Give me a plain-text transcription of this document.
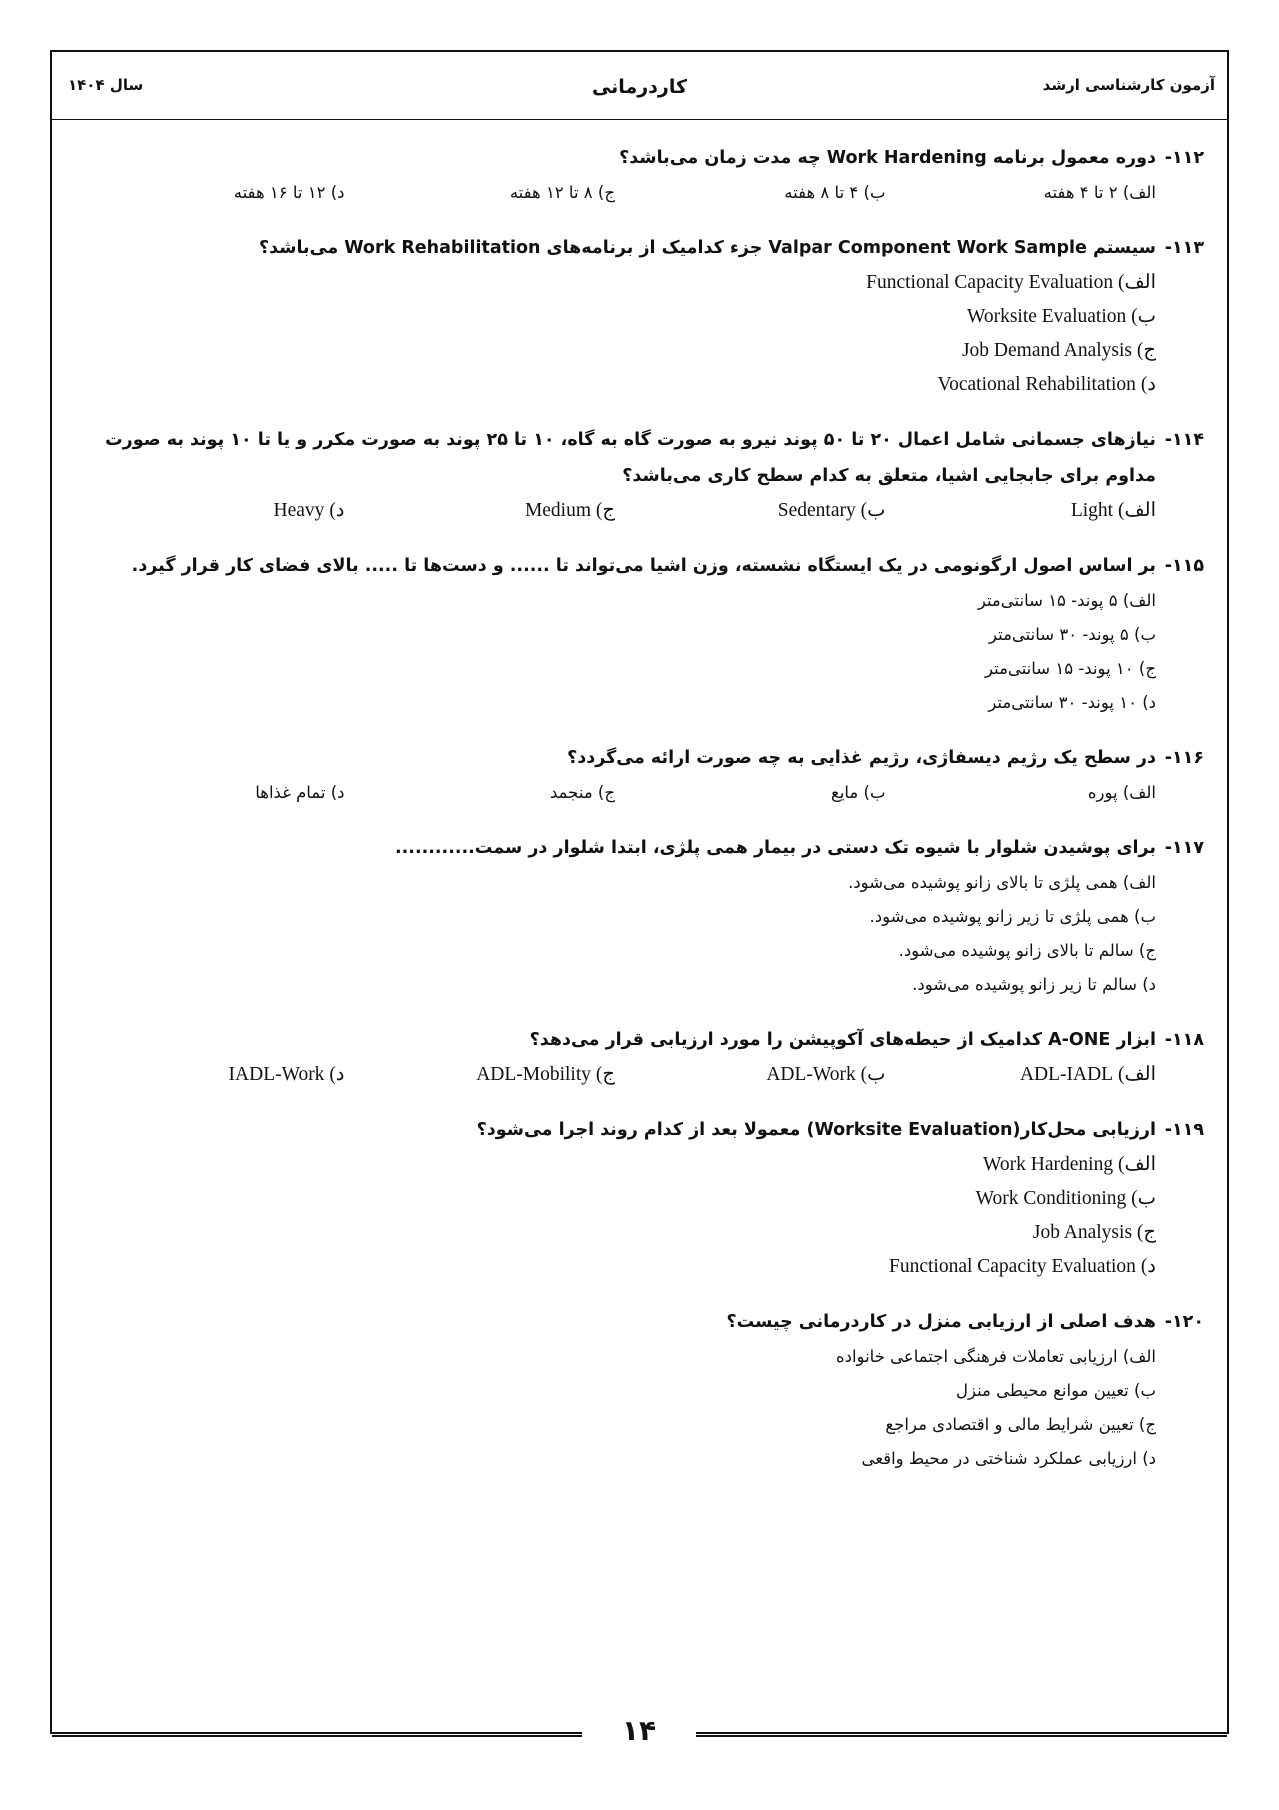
آزمون کارشناسی ارشد
کاردرمانی
سال ۱۴۰۴
۱۱۲-
دوره معمول برنامه Work Hardening چه مدت زمان می‌باشد؟
الف) ۲ تا ۴ هفته
ب) ۴ تا ۸ هفته
ج) ۸ تا ۱۲ هفته
د) ۱۲ تا ۱۶ هفته
۱۱۳-
سیستم Valpar Component Work Sample جزء کدامیک از برنامه‌های Work Rehabilitation می‌باشد؟
الف) Functional Capacity Evaluation
ب) Worksite Evaluation
ج) Job Demand Analysis
د) Vocational Rehabilitation
۱۱۴-
نیازهای جسمانی شامل اعمال ۲۰ تا ۵۰ پوند نیرو به صورت گاه به گاه، ۱۰ تا ۲۵ پوند به صورت مکرر و یا تا ۱۰ پوند به صورت مداوم برای جابجایی اشیا، متعلق به کدام سطح کاری می‌باشد؟
الف) Light
ب) Sedentary
ج) Medium
د) Heavy
۱۱۵-
بر اساس اصول ارگونومی در یک ایستگاه نشسته، وزن اشیا می‌تواند تا ...... و دست‌ها تا ..... بالای فضای کار قرار گیرد.
الف) ۵ پوند- ۱۵ سانتی‌متر
ب) ۵ پوند- ۳۰ سانتی‌متر
ج) ۱۰ پوند- ۱۵ سانتی‌متر
د) ۱۰ پوند- ۳۰ سانتی‌متر
۱۱۶-
در سطح یک رژیم دیسفاژی، رژیم غذایی به چه صورت ارائه می‌گردد؟
الف) پوره
ب) مایع
ج) منجمد
د) تمام غذاها
۱۱۷-
برای پوشیدن شلوار با شیوه تک دستی در بیمار همی پلژی، ابتدا شلوار در سمت............
الف) همی پلژی تا بالای زانو پوشیده می‌شود.
ب) همی پلژی تا زیر زانو پوشیده می‌شود.
ج) سالم تا بالای زانو پوشیده می‌شود.
د) سالم تا زیر زانو پوشیده می‌شود.
۱۱۸-
ابزار A-ONE کدامیک از حیطه‌های آکوپیشن را مورد ارزیابی قرار می‌دهد؟
الف) ADL-IADL
ب) ADL-Work
ج) ADL-Mobility
د) IADL-Work
۱۱۹-
ارزیابی محل‌کار(Worksite Evaluation) معمولا بعد از کدام روند اجرا می‌شود؟
الف) Work Hardening
ب) Work Conditioning
ج) Job Analysis
د) Functional Capacity Evaluation
۱۲۰-
هدف اصلی از ارزیابی منزل در کاردرمانی چیست؟
الف) ارزیابی تعاملات فرهنگی اجتماعی خانواده
ب) تعیین موانع محیطی منزل
ج) تعیین شرایط مالی و اقتصادی مراجع
د) ارزیابی عملکرد شناختی در محیط واقعی
۱۴
